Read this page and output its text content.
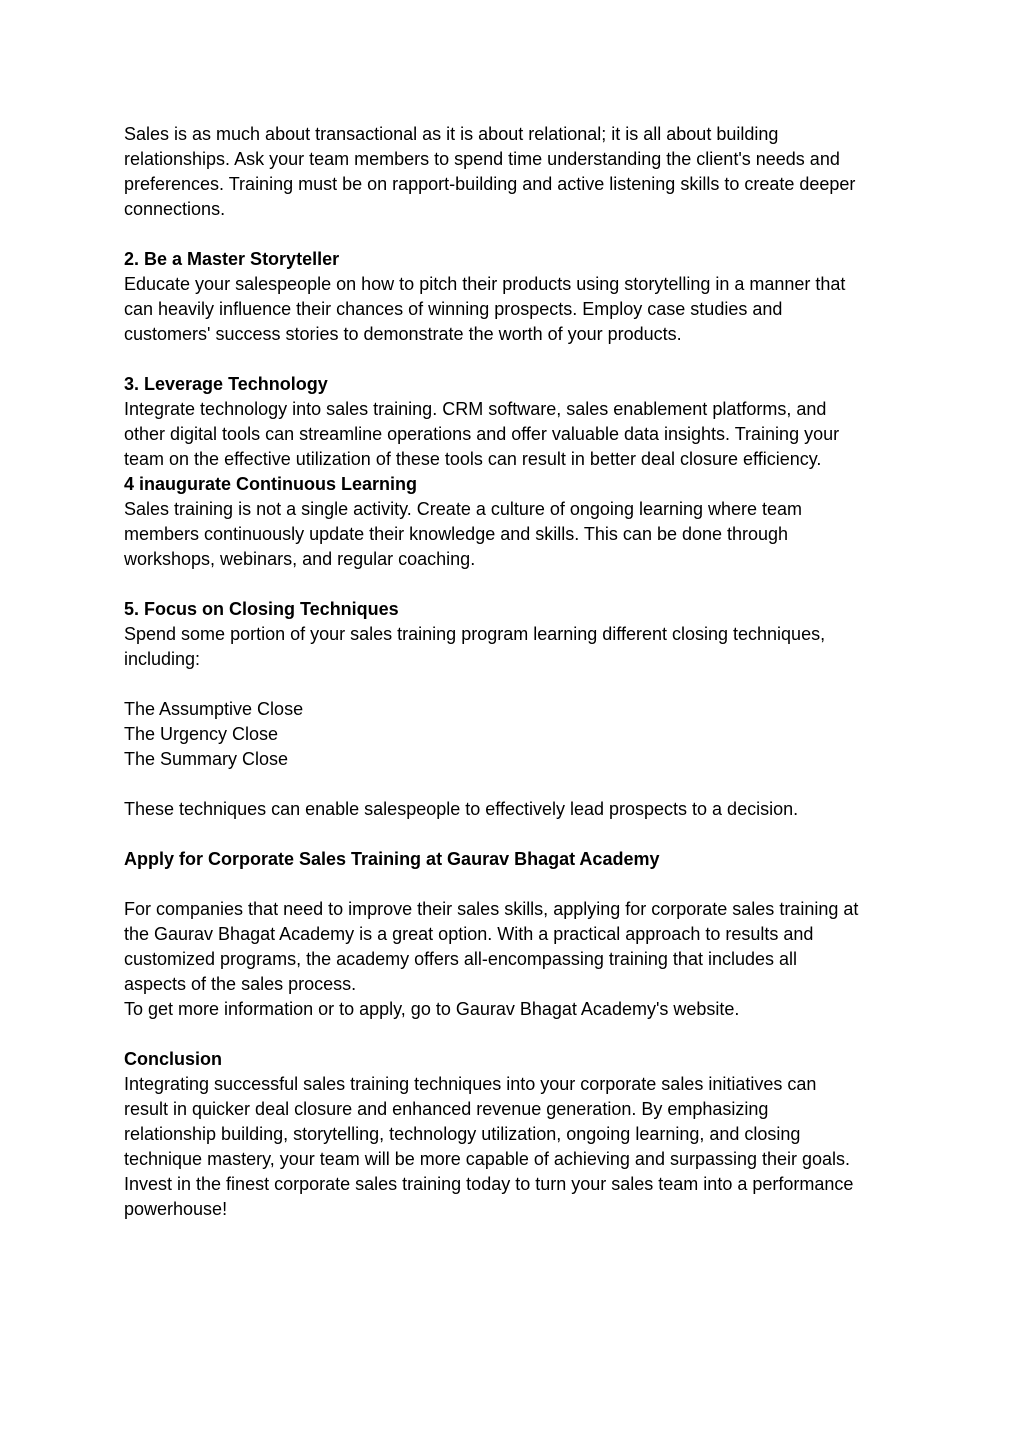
Sales is as much about transactional as it is about relational; it is all about building
relationships. Ask your team members to spend time understanding the client's needs and
preferences. Training must be on rapport-building and active listening skills to create deeper
connections.
2. Be a Master Storyteller
Educate your salespeople on how to pitch their products using storytelling in a manner that
can heavily influence their chances of winning prospects. Employ case studies and
customers' success stories to demonstrate the worth of your products.
3. Leverage Technology
Integrate technology into sales training. CRM software, sales enablement platforms, and
other digital tools can streamline operations and offer valuable data insights. Training your
team on the effective utilization of these tools can result in better deal closure efficiency.
4 inaugurate Continuous Learning
Sales training is not a single activity. Create a culture of ongoing learning where team
members continuously update their knowledge and skills. This can be done through
workshops, webinars, and regular coaching.
5. Focus on Closing Techniques
Spend some portion of your sales training program learning different closing techniques,
including:
The Assumptive Close
The Urgency Close
The Summary Close
These techniques can enable salespeople to effectively lead prospects to a decision.
Apply for Corporate Sales Training at Gaurav Bhagat Academy
For companies that need to improve their sales skills, applying for corporate sales training at
the Gaurav Bhagat Academy is a great option. With a practical approach to results and
customized programs, the academy offers all-encompassing training that includes all
aspects of the sales process.
To get more information or to apply, go to Gaurav Bhagat Academy's website.
Conclusion
Integrating successful sales training techniques into your corporate sales initiatives can
result in quicker deal closure and enhanced revenue generation. By emphasizing
relationship building, storytelling, technology utilization, ongoing learning, and closing
technique mastery, your team will be more capable of achieving and surpassing their goals.
Invest in the finest corporate sales training today to turn your sales team into a performance
powerhouse!
